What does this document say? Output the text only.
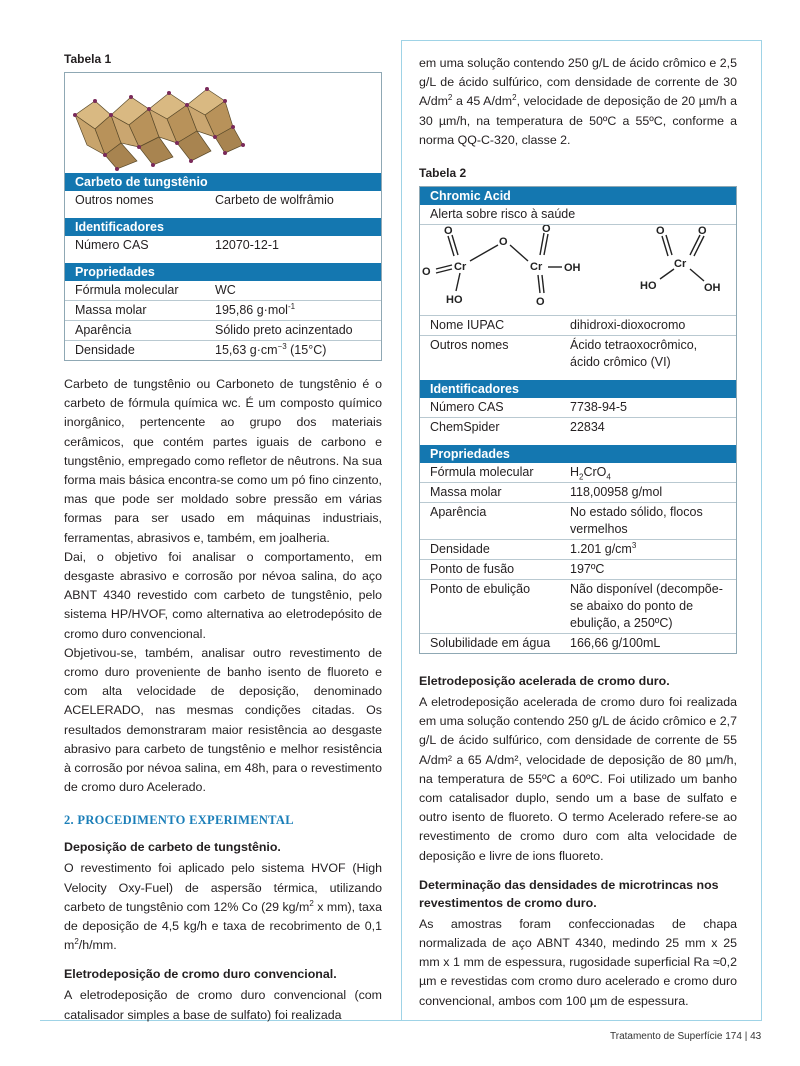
Tabela 1
Carbeto de tungstênio
Outros nomes	Carbeto de wolfrâmio
Identificadores
Número CAS	12070-12-1
Propriedades
Fórmula molecular	WC
Massa molar	195,86 g·mol$^{-1}$
Aparência	Sólido preto acinzentado
Densidade	15,63 $g\cdot cm^{-3}$ (15°C)

Carbeto de tungstênio ou Carboneto de tungstênio é o carbeto de fórmula química wc. É um composto químico inorgânico, pertencente ao grupo dos materiais cerâmicos, que contém partes iguais de carbono e tungstênio, empregado como refletor de nêutrons. Na sua forma mais básica encontra-se como um pó fino cinzento, mas que pode ser moldado sobre pressão em várias formas para ser usado em máquinas industriais, ferramentas, abrasivos e, também, em joalheria.

Dai, o objetivo foi analisar o comportamento, em desgaste abrasivo e corrosão por névoa salina, do aço ABNT 4340 revestido com carbeto de tungstênio, pelo sistema HP/HVOF, como alternativa ao eletrodepósito de cromo duro convencional.

Objetivou-se, também, analisar outro revestimento de cromo duro proveniente de banho isento de fluoreto e com alta velocidade de deposição, denominado ACELERADO, nas mesmas condições citadas. Os resultados demonstraram maior resistência ao desgaste abrasivo para carbeto de tungstênio e melhor resistência à corrosão por névoa salina, em 48h, para o revestimento de cromo duro Acelerado.

2. PROCEDIMENTO EXPERIMENTAL
Deposição de carbeto de tungstênio.

O revestimento foi aplicado pelo sistema HVOF (High Velocity Oxy-Fuel) de aspersão térmica, utilizando carbeto de tungstênio com 12% Co (29 $kg/m^2$ x mm), taxa de deposição de 4,5 kg/h e taxa de recobrimento de 0,1 $m^2/h/mm$.

Eletrodeposição de cromo duro convencional.

A eletrodeposição de cromo duro convencional (com catalisador simples a base de sulfato) foi realizada

em uma solução contendo 250 g/L de ácido crômico e 2,5 g/L de ácido sulfúrico, com densidade de corrente de 30 $A/dm^2$ a 45 $A/dm^2$, velocidade de deposição de 20 µm/h a 30 µm/h, na temperatura de 50ºC a 55ºC, conforme a norma QQ-C-320, classe 2.

Tabela 2
Chromic Acid
Alerta sobre risco à saúde
O
O Cr
HO
O
O
Cr OH
O
O	O
Cr
HO	OH
Nome IUPAC	dihidroxi-dioxocromo
Outros nomes	Ácido tetraoxocrômico, ácido crômico (VI)
Identificadores
Número CAS	7738-94-5
ChemSpider	22834
Propriedades
Fórmula molecular	$H_2CrO_4$
Massa molar	118,00958 g/mol
Aparência	No estado sólido, flocos vermelhos
Densidade	1.201 $g/cm^3$
Ponto de fusão	197ºC
Ponto de ebulição	Não disponível (decompõe-se abaixo do ponto de ebulição, a 250ºC)
Solubilidade em água	166,66 g/100mL
Eletrodeposição acelerada de cromo duro.

A eletrodeposição acelerada de cromo duro foi realizada em uma solução contendo 250 g/L de ácido crômico e 2,7 g/L de ácido sulfúrico, com densidade de corrente de 55 A/dm² a 65 A/dm², velocidade de deposição de 80 µm/h, na temperatura de 55ºC a 60ºC. Foi utilizado um banho com catalisador duplo, sendo um a base de sulfato e outro isento de fluoreto. O termo Acelerado refere-se ao revestimento de cromo duro com alta velocidade de deposição e livre de ions fluoreto.

Determinação das densidades de microtrincas nos revestimentos de cromo duro.

As amostras foram confeccionadas de chapa normalizada de aço ABNT 4340, medindo 25 mm x 25 mm x 1 mm de espessura, rugosidade superficial Ra ≈0,2 µm e revestidas com cromo duro acelerado e cromo duro convencional, ambos com 100 µm de espessura.

Tratamento de Superfície 174 | 43
